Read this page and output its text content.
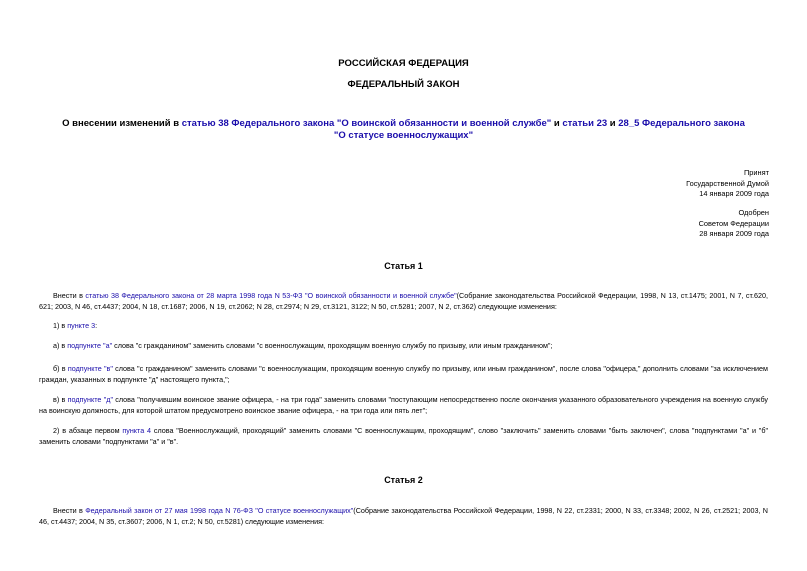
РОССИЙСКАЯ ФЕДЕРАЦИЯ
ФЕДЕРАЛЬНЫЙ ЗАКОН
О внесении изменений в статью 38 Федерального закона "О воинской обязанности и военной службе" и статьи 23 и 28_5 Федерального закона "О статусе военнослужащих"
Принят
Государственной Думой
14 января 2009 года
Одобрен
Советом Федерации
28 января 2009 года
Статья 1
Внести в статью 38 Федерального закона от 28 марта 1998 года N 53-ФЗ "О воинской обязанности и военной службе"(Собрание законодательства Российской Федерации, 1998, N 13, ст.1475; 2001, N 7, ст.620, 621; 2003, N 46, ст.4437; 2004, N 18, ст.1687; 2006, N 19, ст.2062; N 28, ст.2974; N 29, ст.3121, 3122; N 50, ст.5281; 2007, N 2, ст.362) следующие изменения:
1) в пункте 3:
а) в подпункте "а" слова "с гражданином" заменить словами "с военнослужащим, проходящим военную службу по призыву, или иным гражданином";
б) в подпункте "в" слова "с гражданином" заменить словами "с военнослужащим, проходящим военную службу по призыву, или иным гражданином", после слова "офицера," дополнить словами "за исключением граждан, указанных в подпункте "д" настоящего пункта,";
в) в подпункте "д" слова "получившим воинское звание офицера, - на три года" заменить словами "поступающим непосредственно после окончания указанного образовательного учреждения на военную службу на воинскую должность, для которой штатом предусмотрено воинское звание офицера, - на три года или пять лет";
2) в абзаце первом пункта 4 слова "Военнослужащий, проходящий" заменить словами "С военнослужащим, проходящим", слово "заключить" заменить словами "быть заключен", слова "подпунктами "а" и "б" заменить словами "подпунктами "а" и "в".
Статья 2
Внести в Федеральный закон от 27 мая 1998 года N 76-ФЗ "О статусе военнослужащих"(Собрание законодательства Российской Федерации, 1998, N 22, ст.2331; 2000, N 33, ст.3348; 2002, N 26, ст.2521; 2003, N 46, ст.4437; 2004, N 35, ст.3607; 2006, N 1, ст.2; N 50, ст.5281) следующие изменения:
